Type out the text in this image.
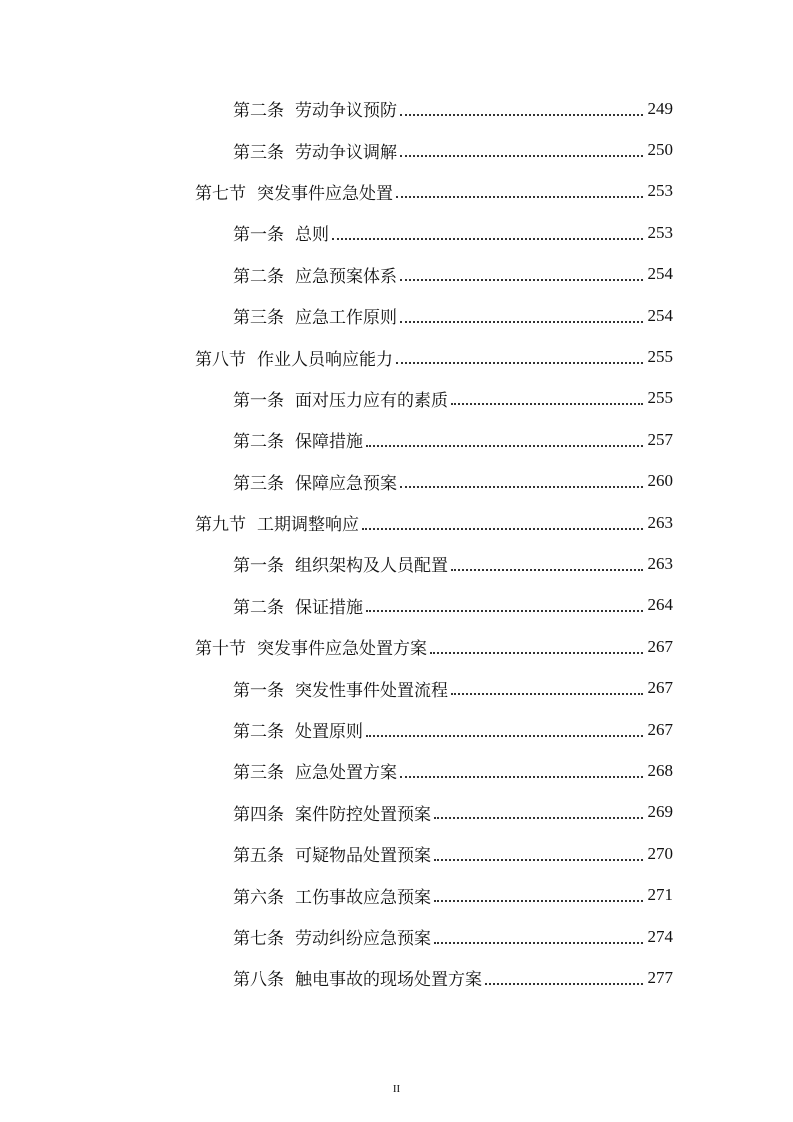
第二条 劳动争议预防	249
第三条 劳动争议调解	250
第七节 突发事件应急处置	253
第一条 总则	253
第二条 应急预案体系	254
第三条 应急工作原则	254
第八节 作业人员响应能力	255
第一条 面对压力应有的素质	255
第二条 保障措施	257
第三条 保障应急预案	260
第九节 工期调整响应	263
第一条 组织架构及人员配置	263
第二条 保证措施	264
第十节 突发事件应急处置方案	267
第一条 突发性事件处置流程	267
第二条 处置原则	267
第三条 应急处置方案	268
第四条 案件防控处置预案	269
第五条 可疑物品处置预案	270
第六条 工伤事故应急预案	271
第七条 劳动纠纷应急预案	274
第八条 触电事故的现场处置方案	277
II
